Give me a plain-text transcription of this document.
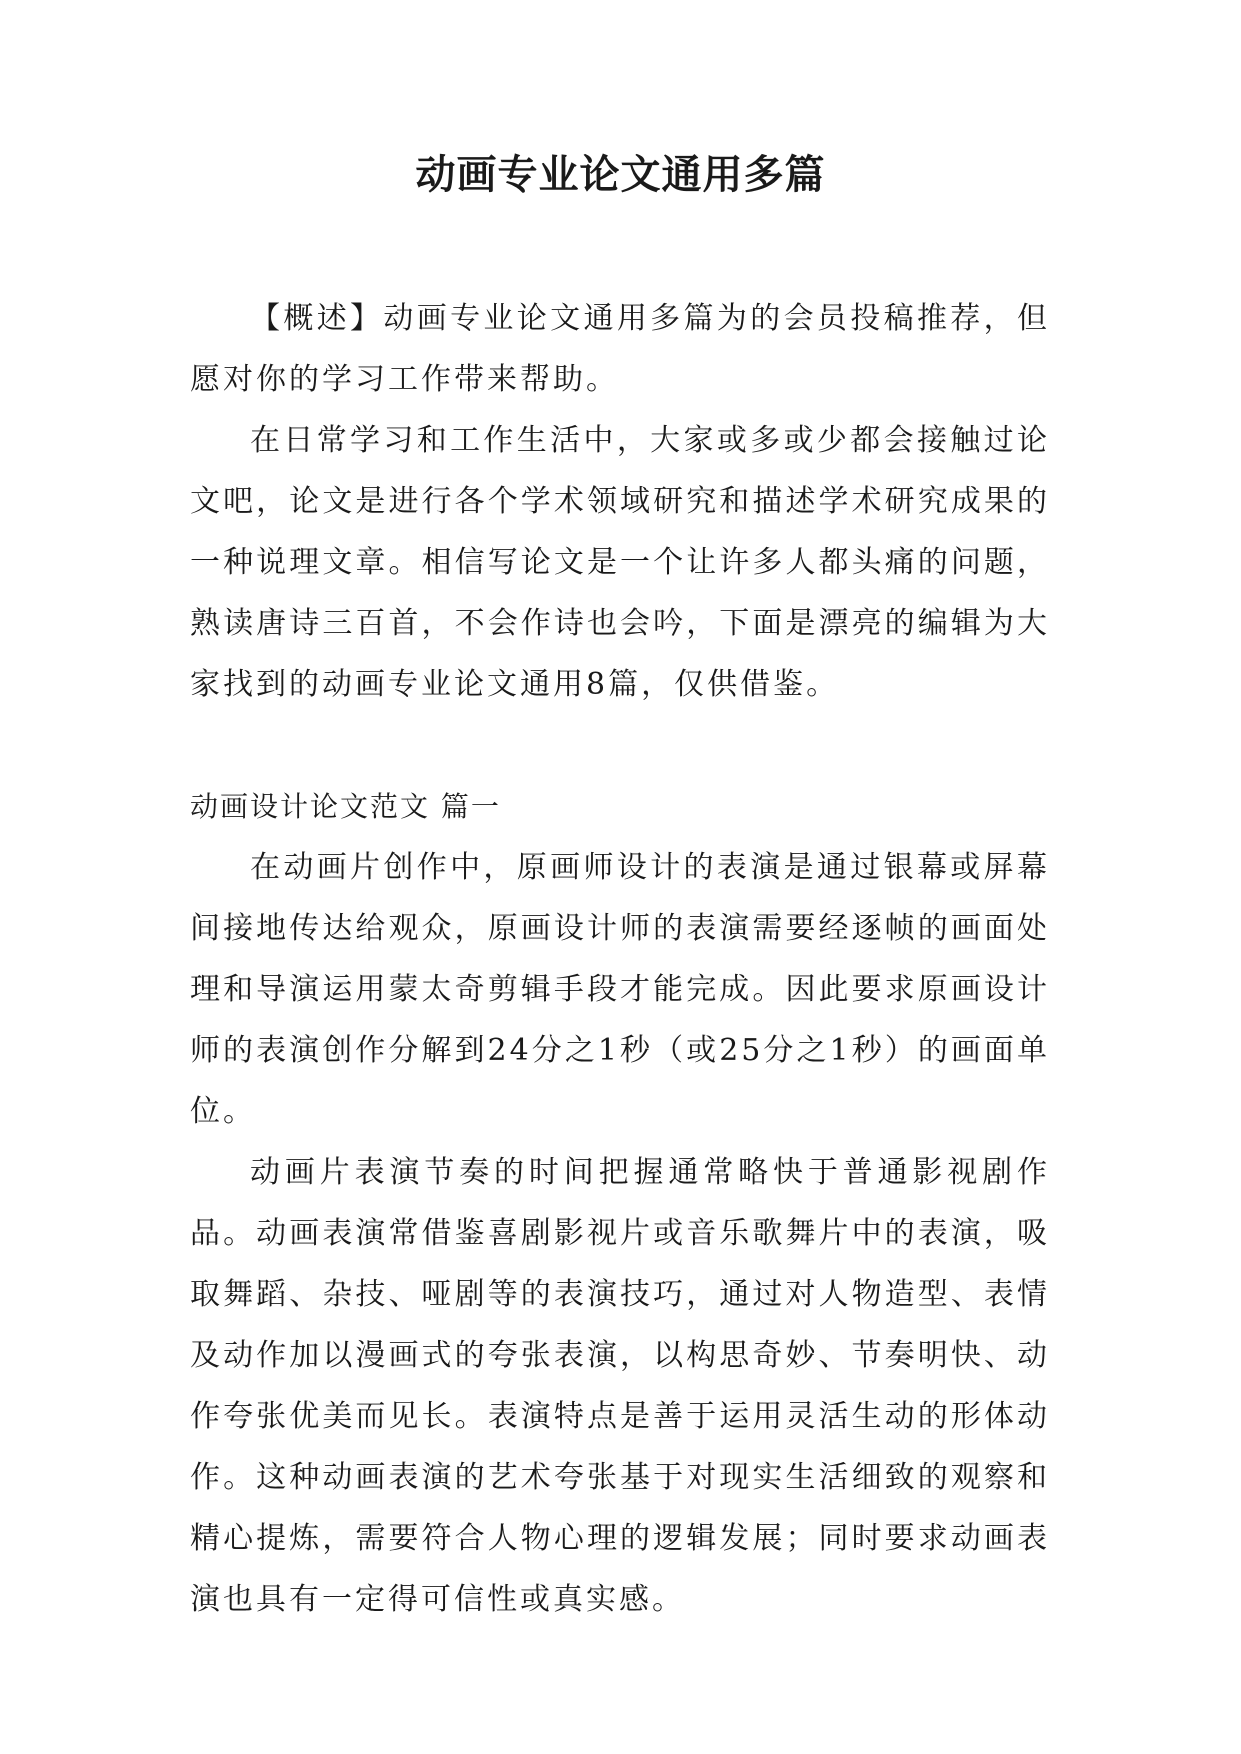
动画专业论文通用多篇

【概述】动画专业论文通用多篇为的会员投稿推荐，但愿对你的学习工作带来帮助。

在日常学习和工作生活中，大家或多或少都会接触过论文吧，论文是进行各个学术领域研究和描述学术研究成果的一种说理文章。相信写论文是一个让许多人都头痛的问题，熟读唐诗三百首，不会作诗也会吟，下面是漂亮的编辑为大家找到的动画专业论文通用8篇，仅供借鉴。

动画设计论文范文 篇一

在动画片创作中，原画师设计的表演是通过银幕或屏幕间接地传达给观众，原画设计师的表演需要经逐帧的画面处理和导演运用蒙太奇剪辑手段才能完成。因此要求原画设计师的表演创作分解到24分之1秒（或25分之1秒）的画面单位。

动画片表演节奏的时间把握通常略快于普通影视剧作品。动画表演常借鉴喜剧影视片或音乐歌舞片中的表演，吸取舞蹈、杂技、哑剧等的表演技巧，通过对人物造型、表情及动作加以漫画式的夸张表演，以构思奇妙、节奏明快、动作夸张优美而见长。表演特点是善于运用灵活生动的形体动作。这种动画表演的艺术夸张基于对现实生活细致的观察和精心提炼，需要符合人物心理的逻辑发展；同时要求动画表演也具有一定得可信性或真实感。
